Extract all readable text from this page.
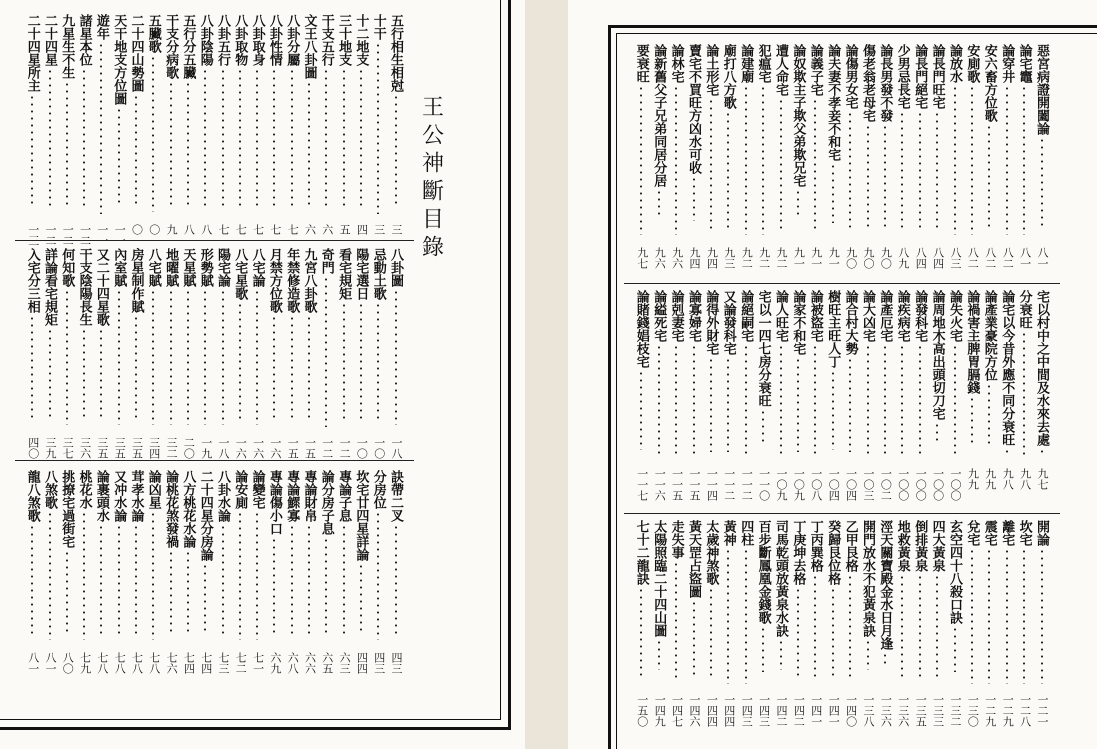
王公神斷目錄
五行相生相尅
三
十干
三
十二地支
四
三十地支
五
干支五行
六
文王八卦圖
六
八卦分屬
七
八卦性情
七
八卦取身
七
八卦取物
七
八卦五行
七
八卦陰陽
八
五行分五臟
八
干支分病歌
九
五臟歌
〇
二十四山勢圖
〇
天干地支方位圖
一一
遊年
一一
諸星本位
一二
九星生不生
一二
二十四星
一二
二十四星所主
一三
八卦圖
一八
忌動土歌
一〇
陽宅選日
一〇
看宅規矩
一二
奇門
一二
九宮八卦歌
一五
年禁修造歌
一五
月禁方位歌
一六
八宅論
一六
八宅星歌
一六
陽宅論
一八
形勢賦
一九
天星賦
二〇
地曜賦
三二
八宅賦
三四
房星制作賦
三五
內室賦
三五
又二十四星歌
三五
干支陰陽長生
三六
何知歌
三七
詳論看宅規矩
三九
入宅分三相
四〇
訣帶二叉
四三
分房位
四三
坎宅廿四星詳論
四四
專論子息
六三
論分房子息
六五
專論財帛
六六
專論鰥寡
六八
專論傷小口
六九
論變宅
七一
論安廁
七二
八卦水論
七三
二十四星分房論
七四
八方桃花水論
七四
論桃花煞發禍
七六
論凶星
七八
茸孝水論
七八
又冲水論
七八
論裹頭水
七八
桃花水
七九
挑撩宅過街宅
八〇
八煞歌
八一
龍八煞歌
八一
惡宮病證開闔論
八一
論宅竈
八一
論穿井
八二
安六畜方位歌
八二
安廁歌
八二
論放水
八三
論長門旺宅
八四
論長門絕宅
八四
少男忌長宅
八九
論長男發不發
九〇
傷老翁老母宅
九〇
論傷男女宅
九〇
論夫妻不孝妾不和宅
九一
論義子宅
九一
論奴欺主子欺父弟欺兄宅
九一
遭人命宅
九二
犯瘟宅
九二
論建廟
九二
廟打八方歌
九三
論土形宅
九四
賣宅不買旺方凶水可收
九四
論林宅
九六
論新舊父子兄弟同居分居
九六
要衰旺
九七
宅以村中之中間及水來去處
九七
分衰旺
九八
論宅以今昔外應不同分衰旺
九八
論產業豪院方位
九九
論禍害主脾胃膈錢
九九
論失火宅
一〇〇
論周地木高出頭切刀宅
一〇〇
論發科宅
一〇〇
論疾病宅
一〇〇
論產厄宅
一〇二
論大凶宅
一〇三
論合村大勢
一〇四
樹旺主旺人丁
一〇四
論被盜宅
一〇八
論家不和宅
一〇九
論人旺宅
一〇九
宅以一四七房分衰旺
一一〇
論絕嗣宅
一一二
又論發科宅
一一二
論得外財宅
一一四
論寡婦宅
一一五
論剋妻宅
一一五
論縊死宅
一一六
論賭錢娼枝宅
一一七
開論
一二一
坎宅
一二八
離宅
一二九
震宅
一二九
兌宅
一三〇
玄空四十八殺口訣
一三二
四大黃泉
一三三
倒排黃泉
一三五
地救黃泉
一三六
涇天關寶殿金水日月逢
一三六
開門放水不犯黃泉訣
一三八
乙甲艮格
一四〇
癸歸艮位格
一四一
丁丙巽格
一四一
丁庚坤去格
一四二
司馬乾頭放黃泉水訣
一四二
百步斷鳳凰金錢歌
一四三
四柱
一四三
黃神
一四四
太歲神煞歌
一四四
黃天罡占盜圖
一四六
走失事
一四七
太陽照臨二十四山圖
一四九
七十二龍訣
一五〇
